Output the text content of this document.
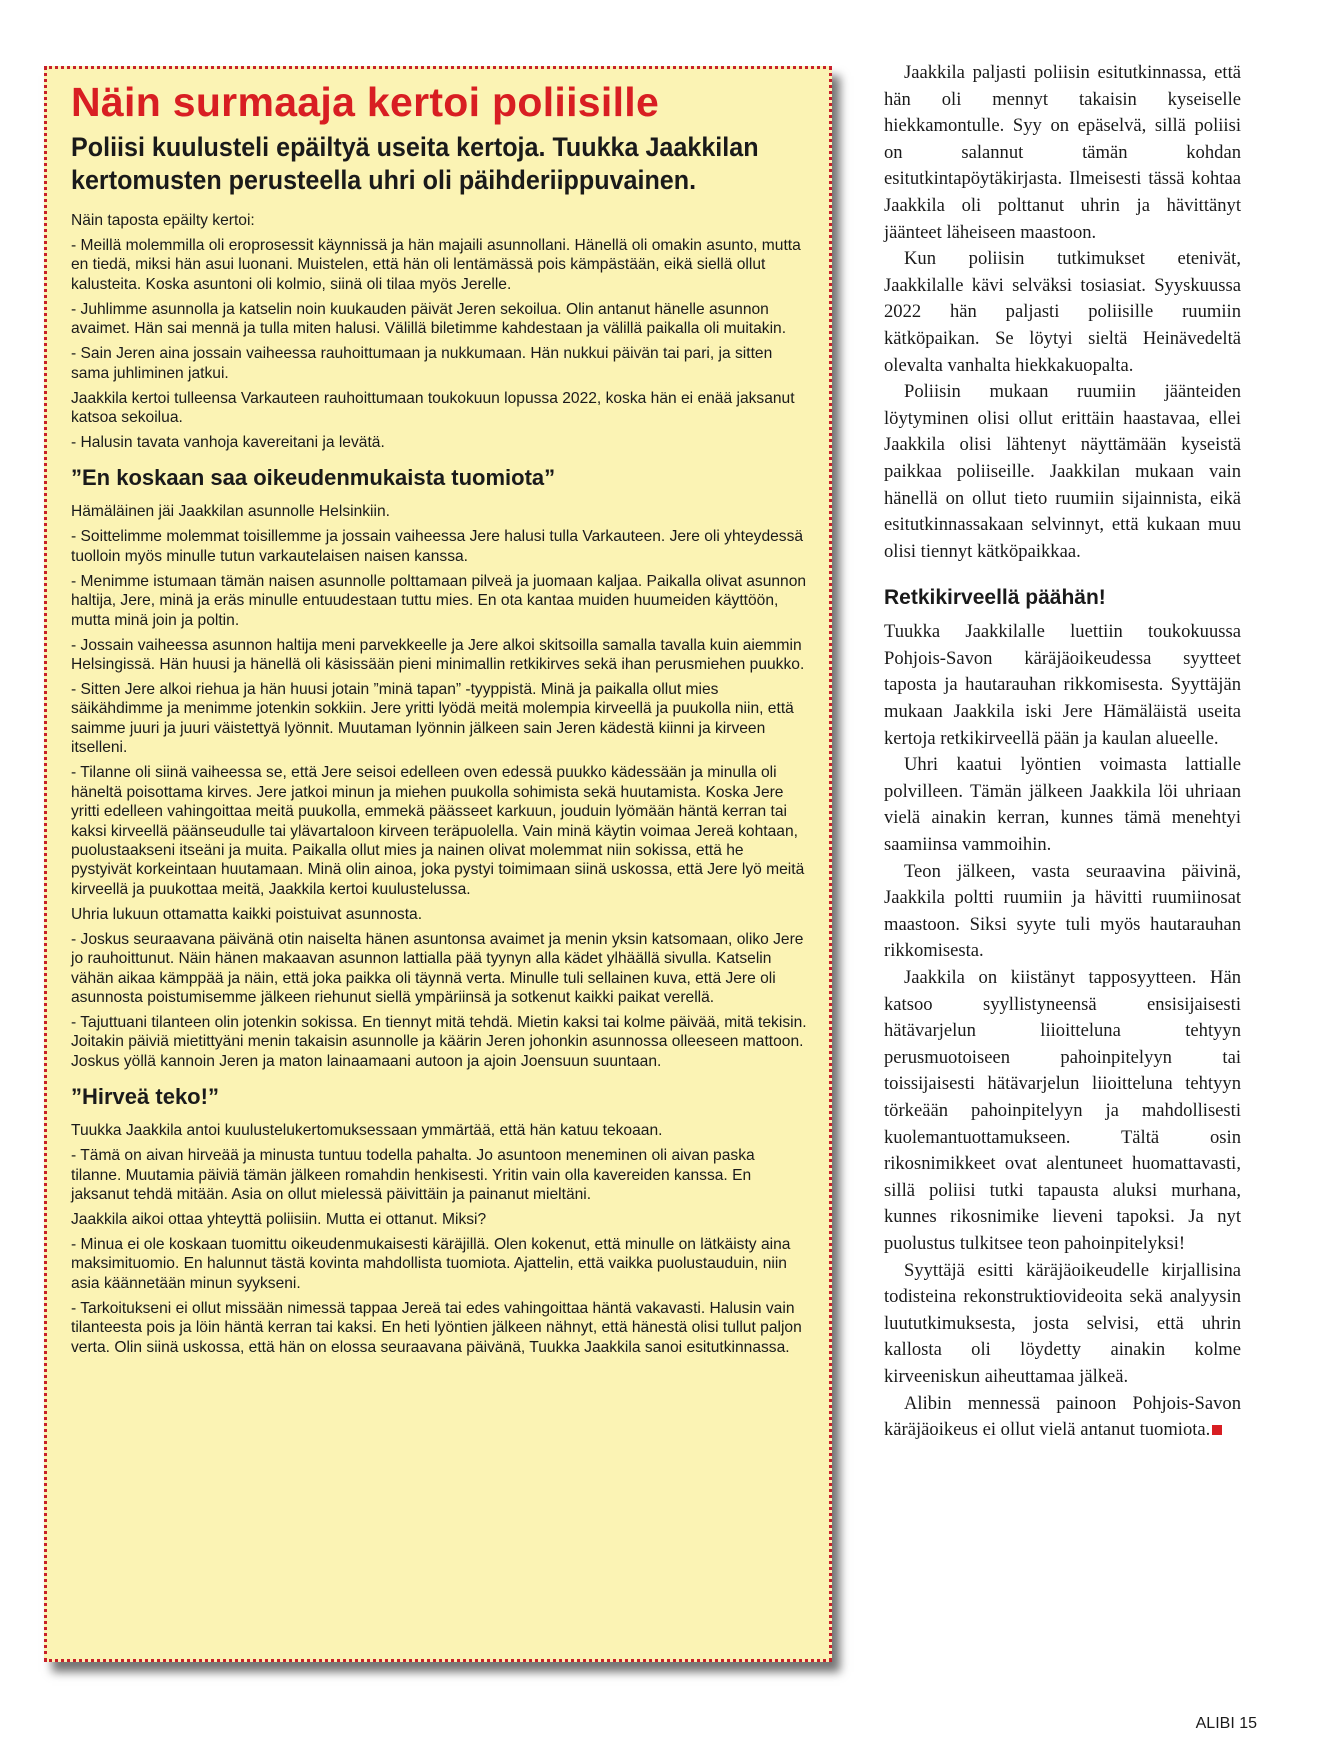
Näin surmaaja kertoi poliisille
Poliisi kuulusteli epäiltyä useita kertoja. Tuukka Jaakkilan kertomusten perusteella uhri oli päihderiippuvainen.

Näin taposta epäilty kertoi:

- Meillä molemmilla oli eroprosessit käynnissä ja hän majaili asunnollani. Hänellä oli omakin asunto, mutta en tiedä, miksi hän asui luonani. Muistelen, että hän oli lentämässä pois kämpästään, eikä siellä ollut kalusteita. Koska asuntoni oli kolmio, siinä oli tilaa myös Jerelle.

- Juhlimme asunnolla ja katselin noin kuukauden päivät Jeren sekoilua. Olin antanut hänelle asunnon avaimet. Hän sai mennä ja tulla miten halusi. Välillä biletimme kahdestaan ja välillä paikalla oli muitakin.

- Sain Jeren aina jossain vaiheessa rauhoittumaan ja nukkumaan. Hän nukkui päivän tai pari, ja sitten sama juhliminen jatkui.

Jaakkila kertoi tulleensa Varkauteen rauhoittumaan toukokuun lopussa 2022, koska hän ei enää jaksanut katsoa sekoilua.

- Halusin tavata vanhoja kavereitani ja levätä.

”En koskaan saa oikeudenmukaista tuomiota”

Hämäläinen jäi Jaakkilan asunnolle Helsinkiin.

- Soittelimme molemmat toisillemme ja jossain vaiheessa Jere halusi tulla Varkauteen. Jere oli yhteydessä tuolloin myös minulle tutun varkautelaisen naisen kanssa.

- Menimme istumaan tämän naisen asunnolle polttamaan pilveä ja juomaan kaljaa. Paikalla olivat asunnon haltija, Jere, minä ja eräs minulle entuudestaan tuttu mies. En ota kantaa muiden huumeiden käyttöön, mutta minä join ja poltin.

- Jossain vaiheessa asunnon haltija meni parvekkeelle ja Jere alkoi skitsoilla samalla tavalla kuin aiemmin Helsingissä. Hän huusi ja hänellä oli käsissään pieni minimallin retkikirves sekä ihan perusmiehen puukko.

- Sitten Jere alkoi riehua ja hän huusi jotain ”minä tapan” -tyyppistä. Minä ja paikalla ollut mies säikähdimme ja menimme jotenkin sokkiin. Jere yritti lyödä meitä molempia kirveellä ja puukolla niin, että saimme juuri ja juuri väistettyä lyönnit. Muutaman lyönnin jälkeen sain Jeren kädestä kiinni ja kirveen itselleni.

- Tilanne oli siinä vaiheessa se, että Jere seisoi edelleen oven edessä puukko kädessään ja minulla oli häneltä poisottama kirves. Jere jatkoi minun ja miehen puukolla sohimista sekä huutamista. Koska Jere yritti edelleen vahingoittaa meitä puukolla, emmekä päässeet karkuun, jouduin lyömään häntä kerran tai kaksi kirveellä päänseudulle tai ylävartaloon kirveen teräpuolella. Vain minä käytin voimaa Jereä kohtaan, puolustaakseni itseäni ja muita. Paikalla ollut mies ja nainen olivat molemmat niin sokissa, että he pystyivät korkeintaan huutamaan. Minä olin ainoa, joka pystyi toimimaan siinä uskossa, että Jere lyö meitä kirveellä ja puukottaa meitä, Jaakkila kertoi kuulustelussa.

Uhria lukuun ottamatta kaikki poistuivat asunnosta.

- Joskus seuraavana päivänä otin naiselta hänen asuntonsa avaimet ja menin yksin katsomaan, oliko Jere jo rauhoittunut. Näin hänen makaavan asunnon lattialla pää tyynyn alla kädet ylhäällä sivulla. Katselin vähän aikaa kämppää ja näin, että joka paikka oli täynnä verta. Minulle tuli sellainen kuva, että Jere oli asunnosta poistumisemme jälkeen riehunut siellä ympäriinsä ja sotkenut kaikki paikat verellä.

- Tajuttuani tilanteen olin jotenkin sokissa. En tiennyt mitä tehdä. Mietin kaksi tai kolme päivää, mitä tekisin. Joitakin päiviä mietittyäni menin takaisin asunnolle ja käärin Jeren johonkin asunnossa olleeseen mattoon. Joskus yöllä kannoin Jeren ja maton lainaamaani autoon ja ajoin Joensuun suuntaan.

”Hirveä teko!”

Tuukka Jaakkila antoi kuulustelukertomuksessaan ymmärtää, että hän katuu tekoaan.

- Tämä on aivan hirveää ja minusta tuntuu todella pahalta. Jo asuntoon meneminen oli aivan paska tilanne. Muutamia päiviä tämän jälkeen romahdin henkisesti. Yritin vain olla kavereiden kanssa. En jaksanut tehdä mitään. Asia on ollut mielessä päivittäin ja painanut mieltäni.

Jaakkila aikoi ottaa yhteyttä poliisiin. Mutta ei ottanut. Miksi?

- Minua ei ole koskaan tuomittu oikeudenmukaisesti käräjillä. Olen kokenut, että minulle on lätkäisty aina maksimituomio. En halunnut tästä kovinta mahdollista tuomiota. Ajattelin, että vaikka puolustauduin, niin asia käännetään minun syykseni.

- Tarkoitukseni ei ollut missään nimessä tappaa Jereä tai edes vahingoittaa häntä vakavasti. Halusin vain tilanteesta pois ja löin häntä kerran tai kaksi. En heti lyöntien jälkeen nähnyt, että hänestä olisi tullut paljon verta. Olin siinä uskossa, että hän on elossa seuraavana päivänä, Tuukka Jaakkila sanoi esitutkinnassa.

Jaakkila paljasti poliisin esitutkinnassa, että hän oli mennyt takaisin kyseiselle hiekkamontulle. Syy on epäselvä, sillä poliisi on salannut tämän kohdan esitutkintapöytäkirjasta. Ilmeisesti tässä kohtaa Jaakkila oli polttanut uhrin ja hävittänyt jäänteet läheiseen maastoon.

Kun poliisin tutkimukset etenivät, Jaakkilalle kävi selväksi tosiasiat. Syyskuussa 2022 hän paljasti poliisille ruumiin kätköpaikan. Se löytyi sieltä Heinävedeltä olevalta vanhalta hiekkakuopalta.

Poliisin mukaan ruumiin jäänteiden löytyminen olisi ollut erittäin haastavaa, ellei Jaakkila olisi lähtenyt näyttämään kyseistä paikkaa poliiseille. Jaakkilan mukaan vain hänellä on ollut tieto ruumiin sijainnista, eikä esitutkinnassakaan selvinnyt, että kukaan muu olisi tiennyt kätköpaikkaa.

Retkikirveellä päähän!

Tuukka Jaakkilalle luettiin toukokuussa Pohjois-Savon käräjäoikeudessa syytteet taposta ja hautarauhan rikkomisesta. Syyttäjän mukaan Jaakkila iski Jere Hämäläistä useita kertoja retkikirveellä pään ja kaulan alueelle.

Uhri kaatui lyöntien voimasta lattialle polvilleen. Tämän jälkeen Jaakkila löi uhriaan vielä ainakin kerran, kunnes tämä menehtyi saamiinsa vammoihin.

Teon jälkeen, vasta seuraavina päivinä, Jaakkila poltti ruumiin ja hävitti ruumiinosat maastoon. Siksi syyte tuli myös hautarauhan rikkomisesta.

Jaakkila on kiistänyt tapposyytteen. Hän katsoo syyllistyneensä ensisijaisesti hätävarjelun liioitteluna tehtyyn perusmuotoiseen pahoinpitelyyn tai toissijaisesti hätävarjelun liioitteluna tehtyyn törkeään pahoinpitelyyn ja mahdollisesti kuolemantuottamukseen. Tältä osin rikosnimikkeet ovat alentuneet huomattavasti, sillä poliisi tutki tapausta aluksi murhana, kunnes rikosnimike lieveni tapoksi. Ja nyt puolustus tulkitsee teon pahoinpitelyksi!

Syyttäjä esitti käräjäoikeudelle kirjallisina todisteina rekonstruktiovideoita sekä analyysin luututkimuksesta, josta selvisi, että uhrin kallosta oli löydetty ainakin kolme kirveeniskun aiheuttamaa jälkeä.

Alibin mennessä painoon Pohjois-Savon käräjäoikeus ei ollut vielä antanut tuomiota.

ALIBI 15
